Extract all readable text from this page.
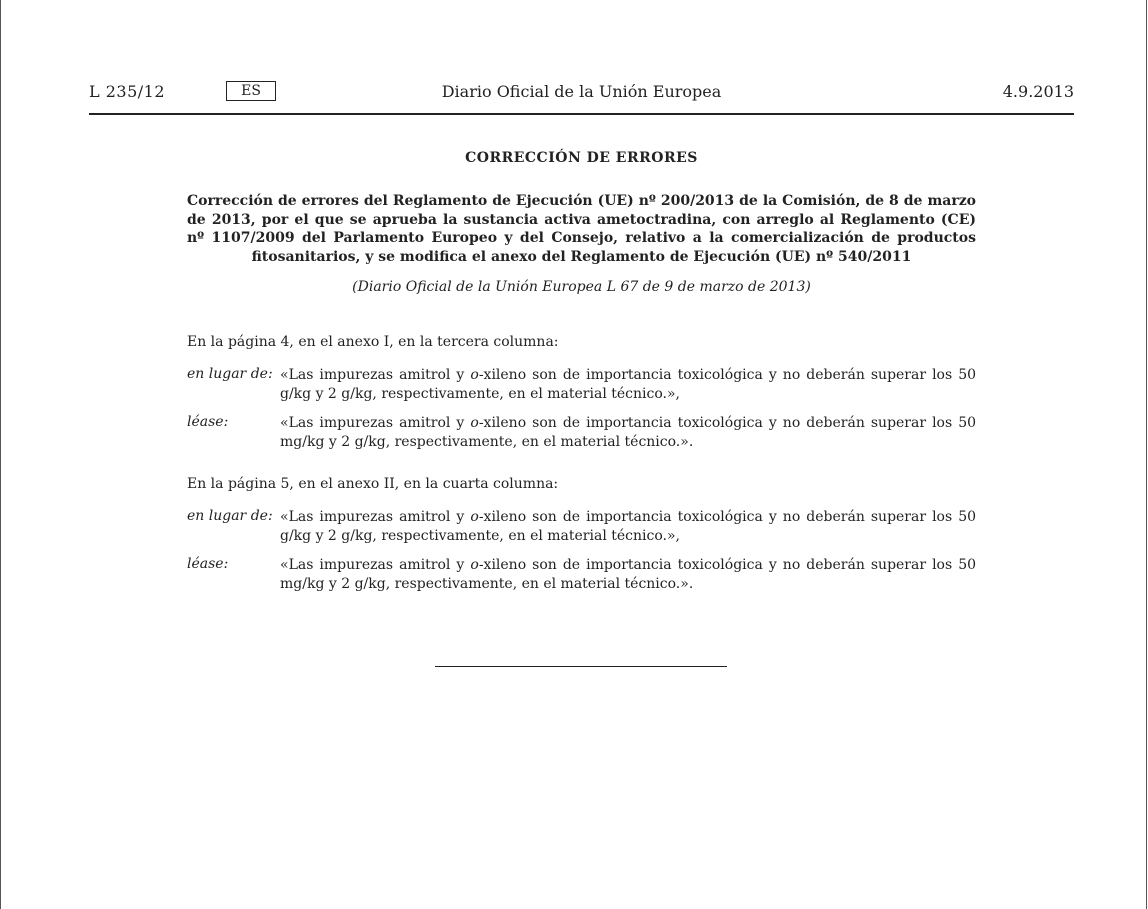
L 235/12	ES	Diario Oficial de la Unión Europea	4.9.2013
CORRECCIÓN DE ERRORES
Corrección de errores del Reglamento de Ejecución (UE) nº 200/2013 de la Comisión, de 8 de marzo de 2013, por el que se aprueba la sustancia activa ametoctradina, con arreglo al Reglamento (CE) nº 1107/2009 del Parlamento Europeo y del Consejo, relativo a la comercialización de productos fitosanitarios, y se modifica el anexo del Reglamento de Ejecución (UE) nº 540/2011
(Diario Oficial de la Unión Europea L 67 de 9 de marzo de 2013)
En la página 4, en el anexo I, en la tercera columna:
en lugar de: «Las impurezas amitrol y o-xileno son de importancia toxicológica y no deberán superar los 50 g/kg y 2 g/kg, respectivamente, en el material técnico.»,
léase:	«Las impurezas amitrol y o-xileno son de importancia toxicológica y no deberán superar los 50 mg/kg y 2 g/kg, respectivamente, en el material técnico.».
En la página 5, en el anexo II, en la cuarta columna:
en lugar de: «Las impurezas amitrol y o-xileno son de importancia toxicológica y no deberán superar los 50 g/kg y 2 g/kg, respectivamente, en el material técnico.»,
léase:	«Las impurezas amitrol y o-xileno son de importancia toxicológica y no deberán superar los 50 mg/kg y 2 g/kg, respectivamente, en el material técnico.».
